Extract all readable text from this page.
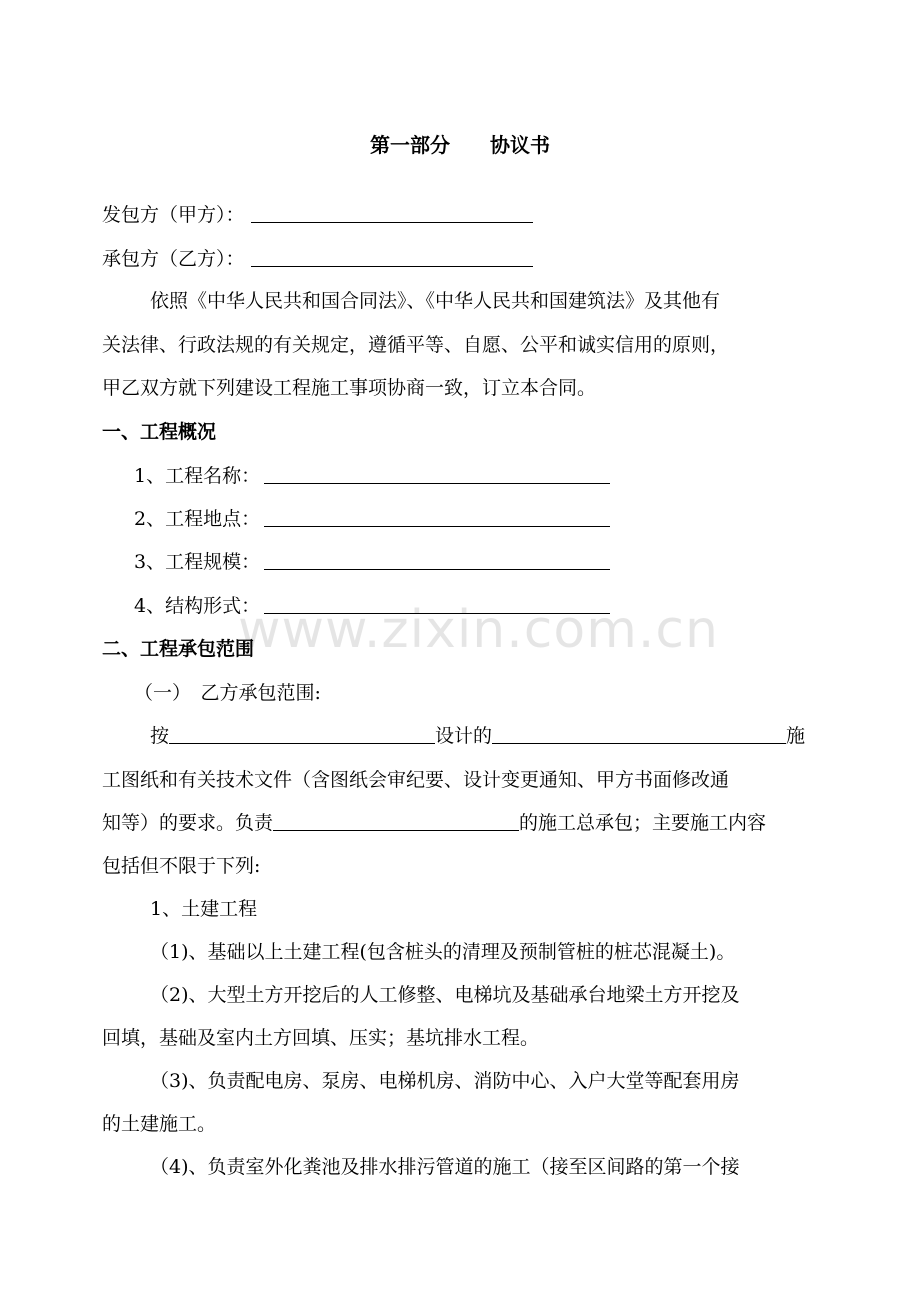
第一部分　　协议书
发包方（甲方）：
承包方（乙方）：
依照《中华人民共和国合同法》、《中华人民共和国建筑法》及其他有
关法律、行政法规的有关规定，遵循平等、自愿、公平和诚实信用的原则，
甲乙双方就下列建设工程施工事项协商一致，订立本合同。
一、工程概况
1、工程名称：
2、工程地点：
3、工程规模：
4、结构形式：
二、工程承包范围
（一）　乙方承包范围:
按	设计的	施
工图纸和有关技术文件（含图纸会审纪要、设计变更通知、甲方书面修改通
知等）的要求。负责	的施工总承包；主要施工内容
包括但不限于下列:
1、土建工程
（1)、基础以上土建工程(包含桩头的清理及预制管桩的桩芯混凝土)。
（2)、大型土方开挖后的人工修整、电梯坑及基础承台地梁土方开挖及
回填，基础及室内土方回填、压实；基坑排水工程。
（3)、负责配电房、泵房、电梯机房、消防中心、入户大堂等配套用房
的土建施工。
（4)、负责室外化粪池及排水排污管道的施工（接至区间路的第一个接
www.zixin.com.cn
